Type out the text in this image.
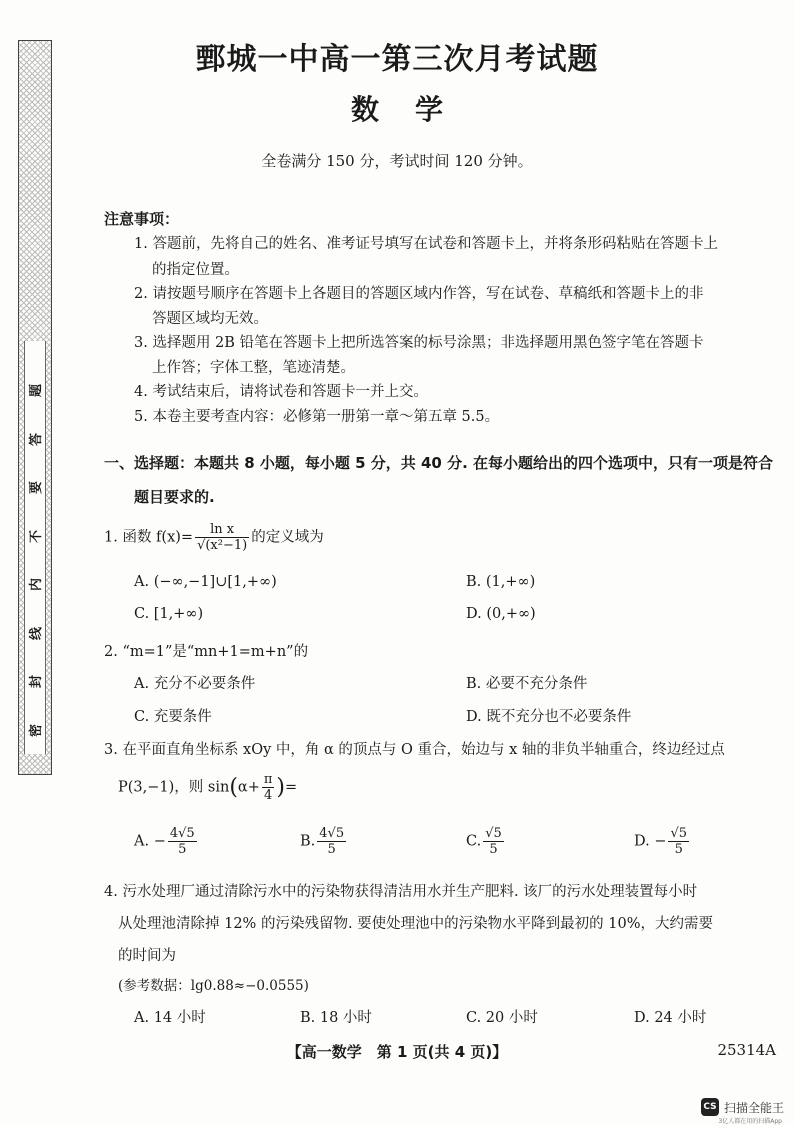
题
答
要
不
内
线
封
密
鄄城一中高一第三次月考试题
数学
全卷满分 150 分，考试时间 120 分钟。
注意事项：
1. 答题前，先将自己的姓名、准考证号填写在试卷和答题卡上，并将条形码粘贴在答题卡上
的指定位置。
2. 请按题号顺序在答题卡上各题目的答题区域内作答，写在试卷、草稿纸和答题卡上的非
答题区域均无效。
3. 选择题用 2B 铅笔在答题卡上把所选答案的标号涂黑；非选择题用黑色签字笔在答题卡
上作答；字体工整，笔迹清楚。
4. 考试结束后，请将试卷和答题卡一并上交。
5. 本卷主要考查内容：必修第一册第一章～第五章 5.5。
一、选择题：本题共 8 小题，每小题 5 分，共 40 分. 在每小题给出的四个选项中，只有一项是符合
题目要求的.
1. 函数 $f(x)= \frac{\text{ln x}}{\text{√(x²−1)}}$ 的定义域为
A. (−∞,−1]∪[1,+∞)	B. (1,+∞)
C. [1,+∞)	D. (0,+∞)
2. “m=1”是“mn+1=m+n”的
A. 充分不必要条件	B. 必要不充分条件
C. 充要条件	D. 既不充分也不必要条件
3. 在平面直角坐标系 xOy 中，角 α 的顶点与 O 重合，始边与 x 轴的非负半轴重合，终边经过点
P(3,−1)，则 $\sin(\alpha+ \frac{\pi}{4}$ )=
A. − $\frac{4√5}{5}$	B. $\frac{4√5}{5}$	C. $\frac{√5}{5}$	D. − $\frac{√5}{5}$
4. 污水处理厂通过清除污水中的污染物获得清洁用水并生产肥料. 该厂的污水处理装置每小时
从处理池清除掉 12% 的污染残留物. 要使处理池中的污染物水平降到最初的 10%，大约需要
的时间为
(参考数据：lg0.88≈−0.0555)
A. 14 小时	B. 18 小时	C. 20 小时	D. 24 小时
【高一数学　第 1 页(共 4 页)】	25314A
CS 扫描全能王
3亿人都在用的扫描App
